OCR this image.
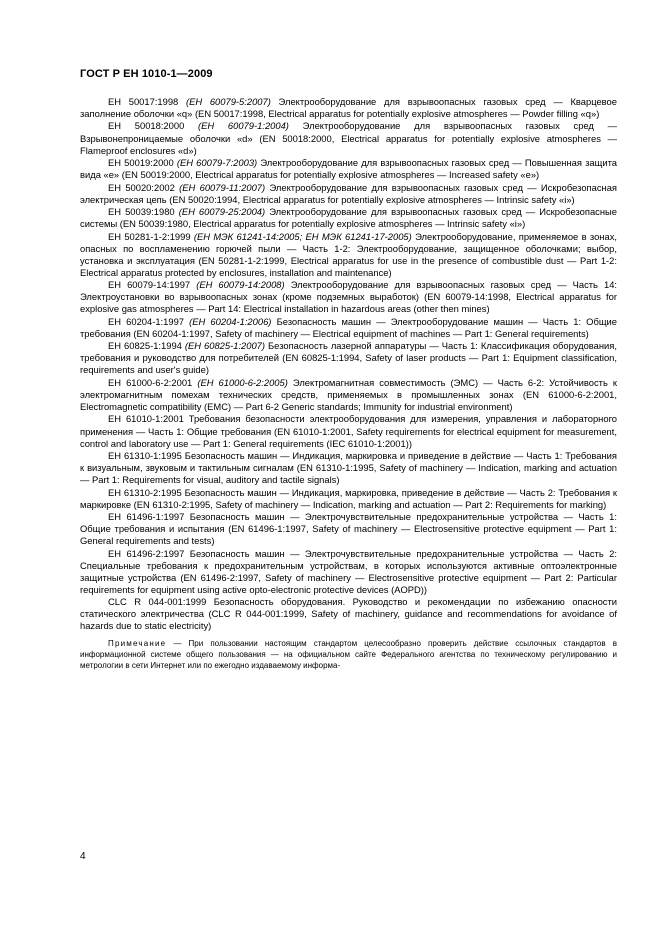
ГОСТ Р ЕН 1010-1—2009

ЕН 50017:1998 (ЕН 60079-5:2007) Электрооборудование для взрывоопасных газовых сред — Кварцевое заполнение оболочки «q» (EN 50017:1998, Electrical apparatus for potentially explosive atmospheres — Powder filling «q»)

ЕН 50018:2000 (ЕН 60079-1:2004) Электрооборудование для взрывоопасных газовых сред — Взрывонепроницаемые оболочки «d» (EN 50018:2000, Electrical apparatus for potentially explosive atmospheres — Flameproof enclosures «d»)

ЕН 50019:2000 (ЕН 60079-7:2003) Электрооборудование для взрывоопасных газовых сред — Повышенная защита вида «е» (EN 50019:2000, Electrical apparatus for potentially explosive atmospheres — Increased safety «e»)

ЕН 50020:2002 (ЕН 60079-11:2007) Электрооборудование для взрывоопасных газовых сред — Искробезопасная электрическая цепь (EN 50020:1994, Electrical apparatus for potentially explosive atmospheres — Intrinsic safety «i»)

ЕН 50039:1980 (ЕН 60079-25:2004) Электрооборудование для взрывоопасных газовых сред — Искробезопасные системы (EN 50039:1980, Electrical apparatus for potentially explosive atmospheres — Intrinsic safety «i»)

ЕН 50281-1-2:1999 (ЕН МЭК 61241-14:2005; ЕН МЭК 61241-17-2005) Электрооборудование, применяемое в зонах, опасных по воспламенению горючей пыли — Часть 1-2: Электрооборудование, защищенное оболочками; выбор, установка и эксплуатация (EN 50281-1-2:1999, Electrical apparatus for use in the presence of combustible dust — Part 1-2: Electrical apparatus protected by enclosures, installation and maintenance)

ЕН 60079-14:1997 (ЕН 60079-14:2008) Электрооборудование для взрывоопасных газовых сред — Часть 14: Электроустановки во взрывоопасных зонах (кроме подземных выработок) (EN 60079-14:1998, Electrical apparatus for explosive gas atmospheres — Part 14: Electrical installation in hazardous areas (other then mines)

ЕН 60204-1:1997 (ЕН 60204-1:2006) Безопасность машин — Электрооборудование машин — Часть 1: Общие требования (EN 60204-1:1997, Safety of machinery — Electrical equipment of machines — Part 1: General requirements)

ЕН 60825-1:1994 (ЕН 60825-1:2007) Безопасность лазерной аппаратуры — Часть 1: Классификация оборудования, требования и руководство для потребителей (EN 60825-1:1994, Safety of laser products — Part 1: Equipment classification, requirements and user's guide)

ЕН 61000-6-2:2001 (ЕН 61000-6-2:2005) Электромагнитная совместимость (ЭМС) — Часть 6-2: Устойчивость к электромагнитным помехам технических средств, применяемых в промышленных зонах (EN 61000-6-2:2001, Electromagnetic compatibility (EMC) — Part 6-2 Generic standards; Immunity for industrial environment)

ЕН 61010-1:2001 Требования безопасности электрооборудования для измерения, управления и лабораторного применения — Часть 1: Общие требования (EN 61010-1:2001, Safety requirements for electrical equipment for measurement, control and laboratory use — Part 1: General requirements (IEC 61010-1:2001))

ЕН 61310-1:1995 Безопасность машин — Индикация, маркировка и приведение в действие — Часть 1: Требования к визуальным, звуковым и тактильным сигналам (EN 61310-1:1995, Safety of machinery — Indication, marking and actuation — Part 1: Requirements for visual, auditory and tactile signals)

ЕН 61310-2:1995 Безопасность машин — Индикация, маркировка, приведение в действие — Часть 2: Требования к маркировке (EN 61310-2:1995, Safety of machinery — Indication, marking and actuation — Part 2: Requirements for marking)

ЕН 61496-1:1997 Безопасность машин — Электрочувствительные предохранительные устройства — Часть 1: Общие требования и испытания (EN 61496-1:1997, Safety of machinery — Electrosensitive protective equipment — Part 1: General requirements and tests)

ЕН 61496-2:1997 Безопасность машин — Электрочувствительные предохранительные устройства — Часть 2: Специальные требования к предохранительным устройствам, в которых используются активные оптоэлектронные защитные устройства (EN 61496-2:1997, Safety of machinery — Electrosensitive protective equipment — Part 2: Particular requirements for equipment using active opto-electronic protective devices (AOPD))

CLC R 044-001:1999 Безопасность оборудования. Руководство и рекомендации по избежанию опасности статического электричества (CLC R 044-001:1999, Safety of machinery, guidance and recommendations for avoidance of hazards due to static electricity)

Примечание — При пользовании настоящим стандартом целесообразно проверить действие ссылочных стандартов в информационной системе общего пользования — на официальном сайте Федерального агентства по техническому регулированию и метрологии в сети Интернет или по ежегодно издаваемому информа-

4
